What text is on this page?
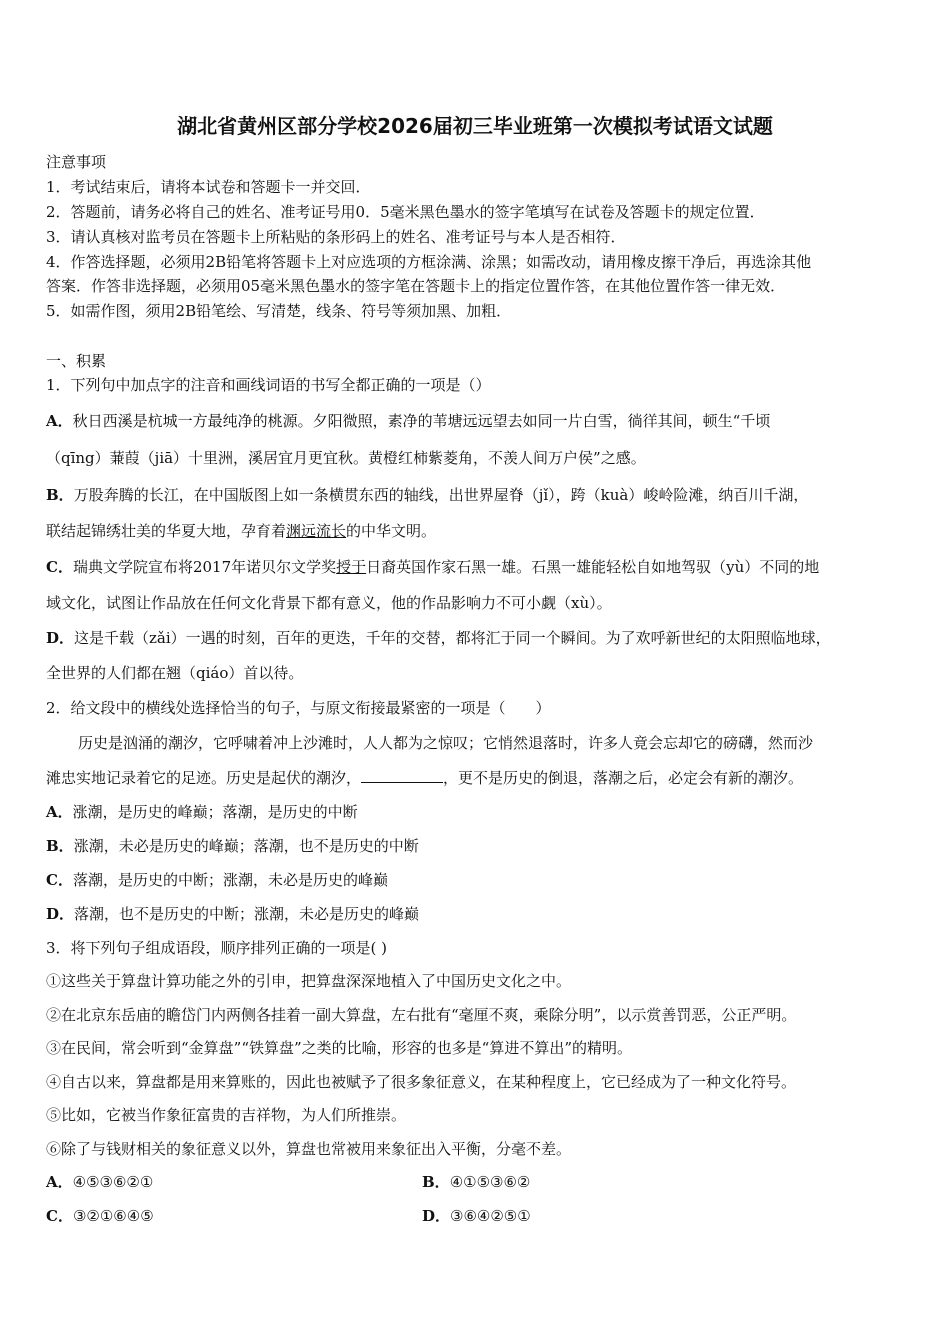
湖北省黄州区部分学校2026届初三毕业班第一次模拟考试语文试题
注意事项
1．考试结束后，请将本试卷和答题卡一并交回．
2．答题前，请务必将自己的姓名、准考证号用0．5毫米黑色墨水的签字笔填写在试卷及答题卡的规定位置．
3．请认真核对监考员在答题卡上所粘贴的条形码上的姓名、准考证号与本人是否相符．
4．作答选择题，必须用2B铅笔将答题卡上对应选项的方框涂满、涂黑；如需改动，请用橡皮擦干净后，再选涂其他
答案．作答非选择题，必须用05毫米黑色墨水的签字笔在答题卡上的指定位置作答，在其他位置作答一律无效．
5．如需作图，须用2B铅笔绘、写清楚，线条、符号等须加黑、加粗．
一、积累
1．下列句中加点字的注音和画线词语的书写全都正确的一项是（）
A．秋日西溪是杭城一方最纯净的桃源。夕阳微照，素净的苇塘远远望去如同一片白雪，徜徉其间，顿生“千顷
（qīng）蒹葭（jiā）十里洲，溪居宜月更宜秋。黄橙红柿紫菱角，不羡人间万户侯”之感。
B．万股奔腾的长江，在中国版图上如一条横贯东西的轴线，出世界屋脊（jǐ），跨（kuà）峻岭险滩，纳百川千湖，
联结起锦绣壮美的华夏大地，孕育着渊远流长的中华文明。
C．瑞典文学院宣布将2017年诺贝尔文学奖授于日裔英国作家石黑一雄。石黑一雄能轻松自如地驾驭（yù）不同的地
域文化，试图让作品放在任何文化背景下都有意义，他的作品影响力不可小觑（xù）。
D．这是千载（zǎi）一遇的时刻，百年的更迭，千年的交替，都将汇于同一个瞬间。为了欢呼新世纪的太阳照临地球，
全世界的人们都在翘（qiáo）首以待。
2．给文段中的横线处选择恰当的句子，与原文衔接最紧密的一项是（　　）
历史是汹涌的潮汐，它呼啸着冲上沙滩时，人人都为之惊叹；它悄然退落时，许多人竟会忘却它的磅礴，然而沙
滩忠实地记录着它的足迹。历史是起伏的潮汐，	，更不是历史的倒退，落潮之后，必定会有新的潮汐。
A．涨潮，是历史的峰巅；落潮，是历史的中断
B．涨潮，未必是历史的峰巅；落潮，也不是历史的中断
C．落潮，是历史的中断；涨潮，未必是历史的峰巅
D．落潮，也不是历史的中断；涨潮，未必是历史的峰巅
3．将下列句子组成语段，顺序排列正确的一项是( )
①这些关于算盘计算功能之外的引申，把算盘深深地植入了中国历史文化之中。
②在北京东岳庙的瞻岱门内两侧各挂着一副大算盘，左右批有“毫厘不爽，乘除分明”，以示赏善罚恶，公正严明。
③在民间，常会听到“金算盘”“铁算盘”之类的比喻，形容的也多是“算进不算出”的精明。
④自古以来，算盘都是用来算账的，因此也被赋予了很多象征意义，在某种程度上，它已经成为了一种文化符号。
⑤比如，它被当作象征富贵的吉祥物，为人们所推崇。
⑥除了与钱财相关的象征意义以外，算盘也常被用来象征出入平衡，分毫不差。
A．④⑤③⑥②①	B．④①⑤③⑥②
C．③②①⑥④⑤	D．③⑥④②⑤①
